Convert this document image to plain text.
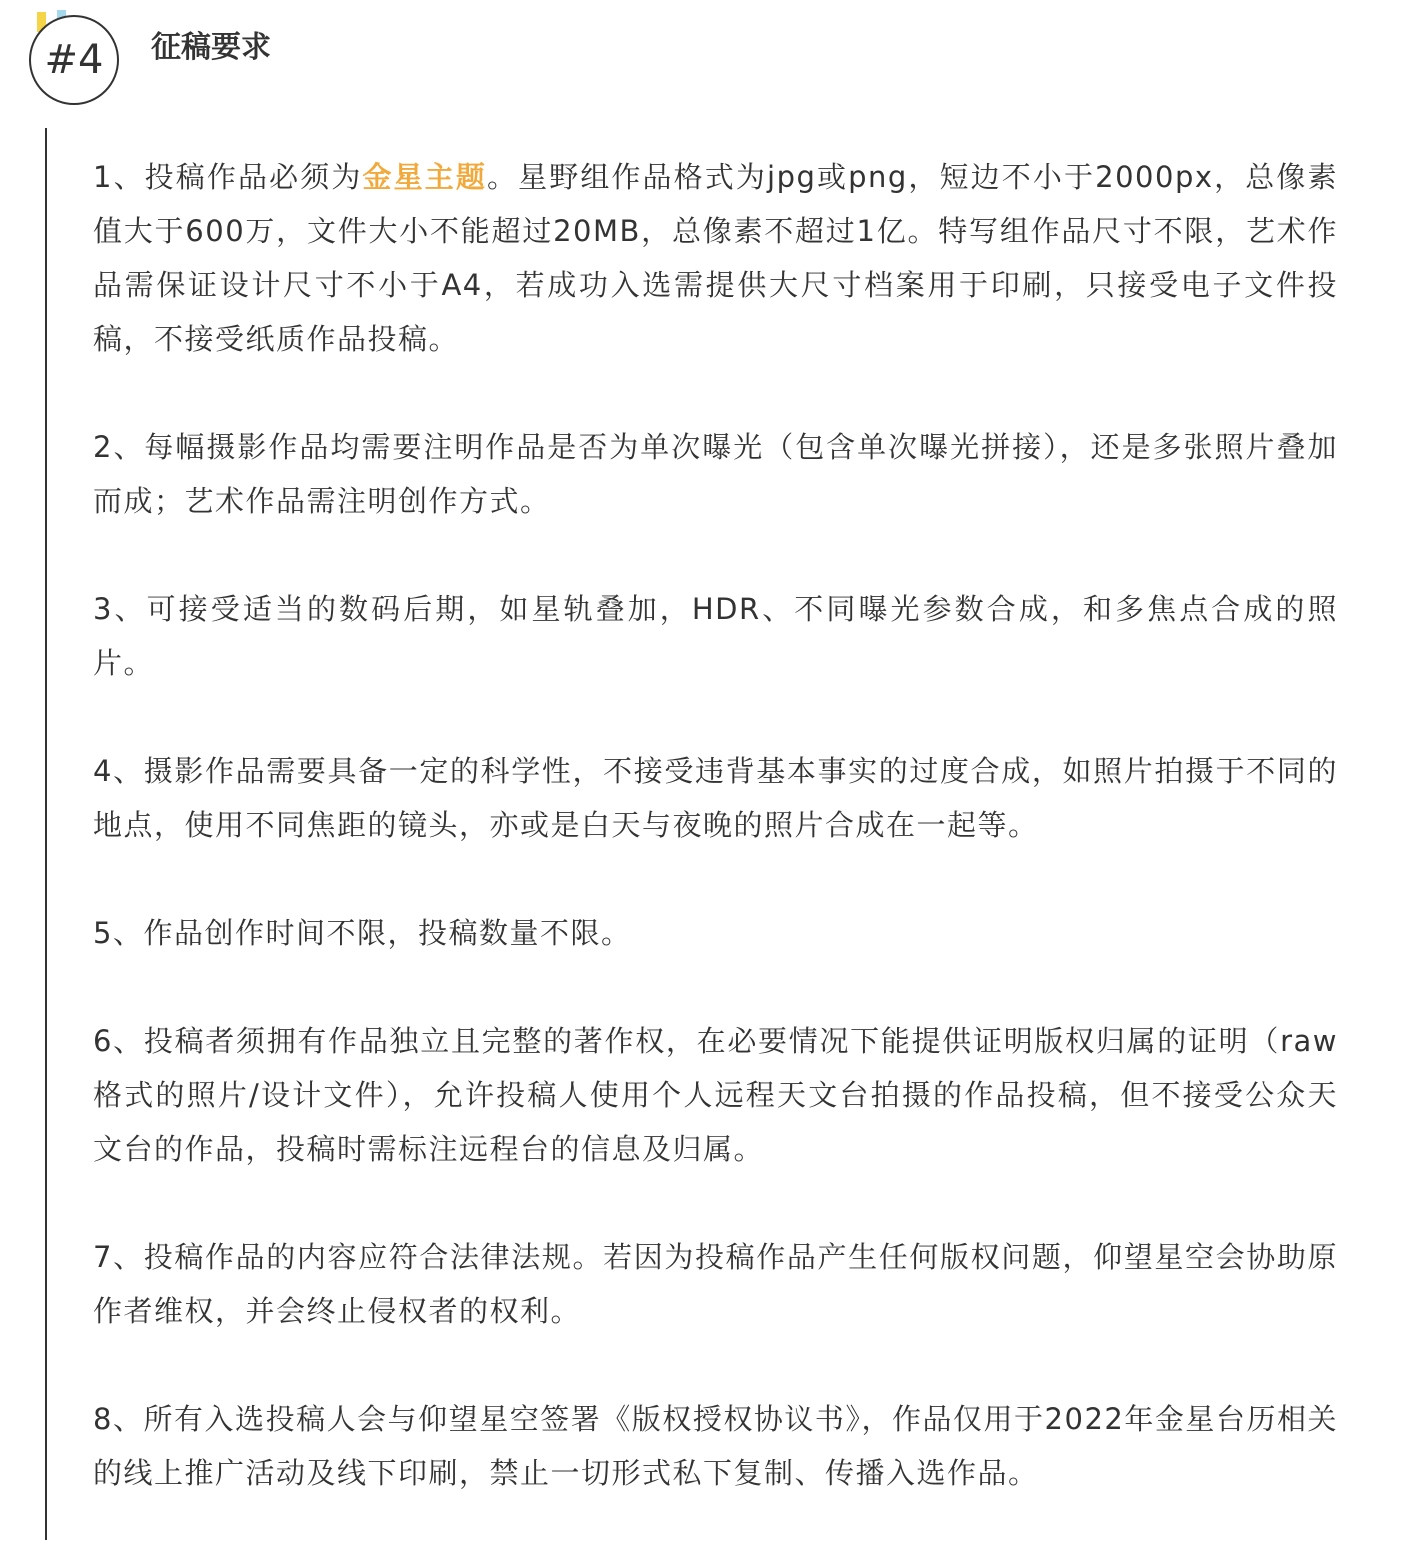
#4 征稿要求

1、投稿作品必须为金星主题。星野组作品格式为jpg或png，短边不小于2000px，总像素值大于600万，文件大小不能超过20MB，总像素不超过1亿。特写组作品尺寸不限，艺术作品需保证设计尺寸不小于A4，若成功入选需提供大尺寸档案用于印刷，只接受电子文件投稿，不接受纸质作品投稿。

2、每幅摄影作品均需要注明作品是否为单次曝光（包含单次曝光拼接），还是多张照片叠加而成；艺术作品需注明创作方式。

3、可接受适当的数码后期，如星轨叠加，HDR、不同曝光参数合成，和多焦点合成的照片。

4、摄影作品需要具备一定的科学性，不接受违背基本事实的过度合成，如照片拍摄于不同的地点，使用不同焦距的镜头，亦或是白天与夜晚的照片合成在一起等。

5、作品创作时间不限，投稿数量不限。

6、投稿者须拥有作品独立且完整的著作权，在必要情况下能提供证明版权归属的证明（raw格式的照片/设计文件），允许投稿人使用个人远程天文台拍摄的作品投稿，但不接受公众天文台的作品，投稿时需标注远程台的信息及归属。

7、投稿作品的内容应符合法律法规。若因为投稿作品产生任何版权问题，仰望星空会协助原作者维权，并会终止侵权者的权利。

8、所有入选投稿人会与仰望星空签署《版权授权协议书》，作品仅用于2022年金星台历相关的线上推广活动及线下印刷，禁止一切形式私下复制、传播入选作品。
